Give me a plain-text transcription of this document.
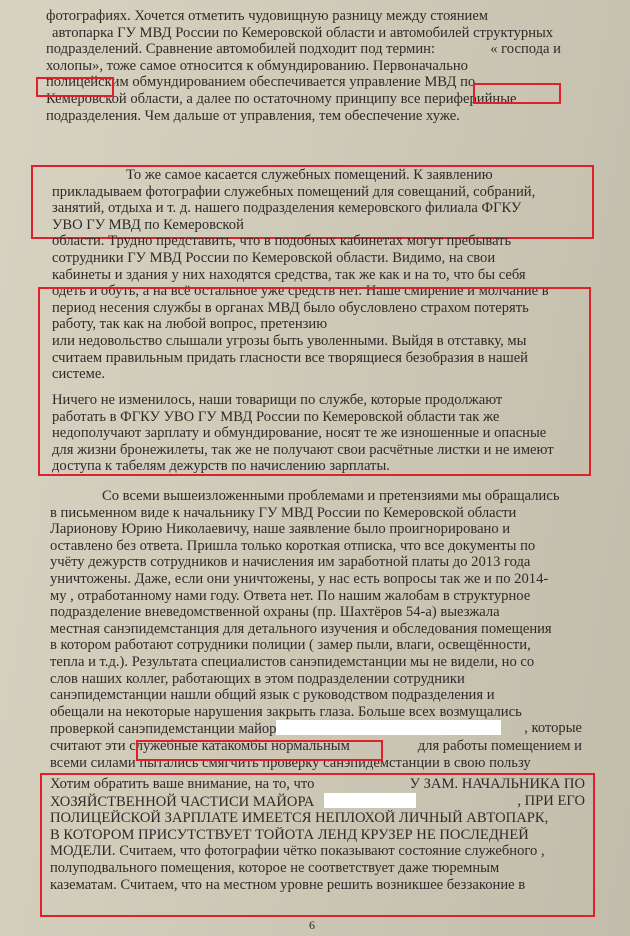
фотографиях. Хочется отметить чудовищную разницу между стоянием
автопарка ГУ МВД России по Кемеровской области и автомобилей структурных
подразделений. Сравнение автомобилей подходит под термин:	« господа и
холопы», тоже самое относится к обмундированию. Первоначально
полицейским обмундированием обеспечивается управление МВД по
Кемеровской области, а далее по остаточному принципу все периферийные
подразделения. Чем дальше от управления, тем обеспечение хуже.
То же самое касается служебных помещений. К заявлению
прикладываем фотографии служебных помещений для совещаний, собраний,
занятий, отдыха и т. д. нашего подразделения кемеровского филиала ФГКУ
УВО ГУ МВД по Кемеровской
области. Трудно представить, что в подобных кабинетах могут пребывать
сотрудники ГУ МВД России по Кемеровской области. Видимо, на свои
кабинеты и здания у них находятся средства, так же как и на то, что бы себя
одеть и обуть, а на всё остальное уже средств нет. Наше смирение и молчание в
период несения службы в органах МВД было обусловлено страхом потерять
работу, так как на любой вопрос, претензию
или недовольство слышали угрозы быть уволенными. Выйдя в отставку, мы
считаем правильным придать гласности все творящиеся безобразия в нашей
системе.
Ничего не изменилось, наши товарищи по службе, которые продолжают
работать в ФГКУ УВО ГУ МВД России по Кемеровской области так же
недополучают зарплату и обмундирование, носят те же изношенные и опасные
для жизни бронежилеты, так же не получают свои расчётные листки и не имеют
доступа к табелям дежурств по начислению зарплаты.
Со всеми вышеизложенными проблемами и претензиями мы обращались
в письменном виде к начальнику ГУ МВД России по Кемеровской области
Ларионову Юрию Николаевичу, наше заявление было проигнорировано и
оставлено без ответа. Пришла только короткая отписка, что все документы по
учёту дежурств сотрудников и начисления им заработной платы до 2013 года
уничтожены. Даже, если они уничтожены, у нас есть вопросы так же и по 2014-
му , отработанному нами году. Ответа нет. По нашим жалобам в структурное
подразделение вневедомственной охраны (пр. Шахтёров 54-а) выезжала
местная санэпидемстанция для детального изучения и обследования помещения
в котором работают сотрудники полиции ( замер пыли, влаги, освещённости,
тепла и т.д.). Результата специалистов санэпидемстанции мы не видели, но со
слов наших коллег, работающих в этом подразделении сотрудники
санэпидемстанции нашли общий язык с руководством подразделения и
обещали на некоторые нарушения закрыть глаза. Больше всех возмущались
проверкой санэпидемстанции майор	, которые
считают эти служебные катакомбы нормальным	для работы помещением и
всеми силами пытались смягчить проверку санэпидемстанции в свою пользу
Хотим обратить ваше внимание, на то, что	У ЗАМ. НАЧАЛЬНИКА ПО
ХОЗЯЙСТВЕННОЙ ЧАСТИСИ МАЙОРА	, ПРИ ЕГО
ПОЛИЦЕЙСКОЙ ЗАРПЛАТЕ ИМЕЕТСЯ НЕПЛОХОЙ ЛИЧНЫЙ АВТОПАРК,
В КОТОРОМ ПРИСУТСТВУЕТ ТОЙОТА ЛЕНД КРУЗЕР НЕ ПОСЛЕДНЕЙ
МОДЕЛИ. Считаем, что фотографии чётко показывают состояние служебного ,
полуподвального помещения, которое не соответствует даже тюремным
казематам. Считаем, что на местном уровне решить возникшее беззаконие в
6
